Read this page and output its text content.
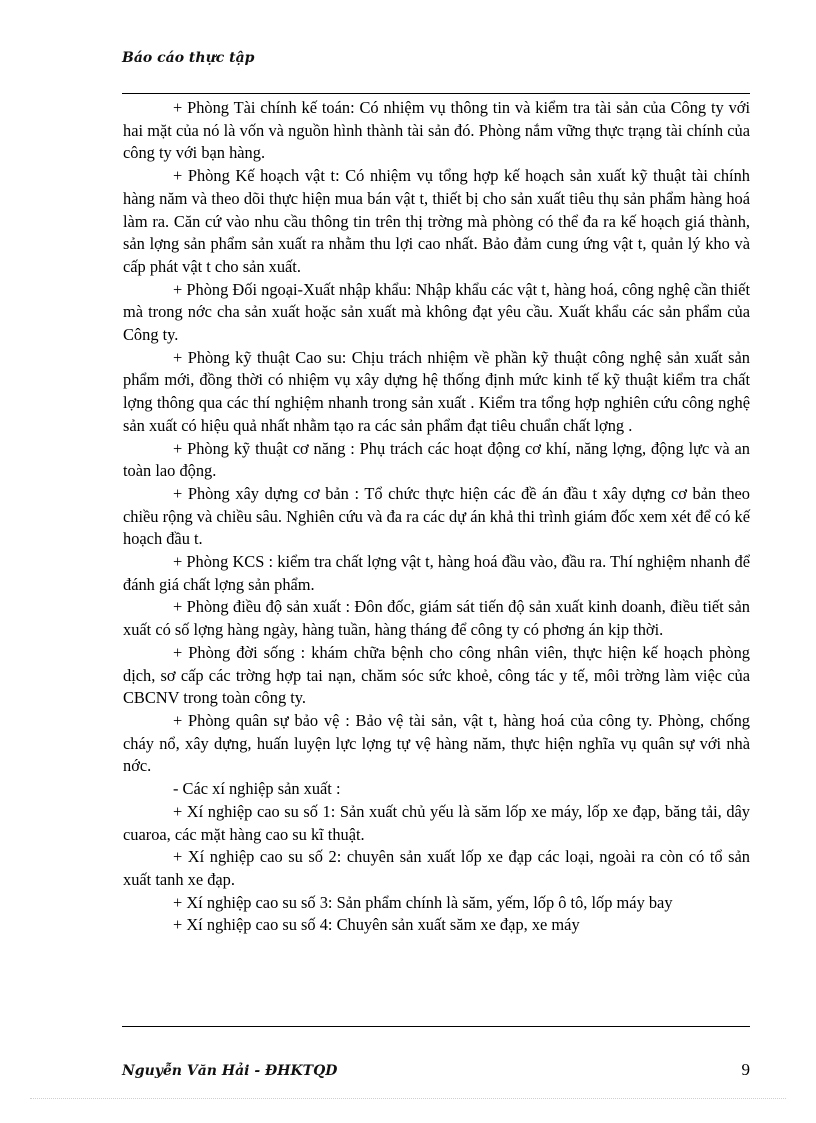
Báo cáo thực tập

+ Phòng Tài chính kế toán: Có nhiệm vụ thông tin và kiểm tra tài sản của Công ty với hai mặt của nó là vốn và nguồn hình thành tài sản đó. Phòng nắm vững thực trạng tài chính của công ty với bạn hàng.

+ Phòng Kế hoạch vật t: Có nhiệm vụ tổng hợp kế hoạch sản xuất kỹ thuật tài chính hàng năm và theo dõi thực hiện mua bán vật t, thiết bị cho sản xuất tiêu thụ sản phẩm hàng hoá làm ra. Căn cứ vào nhu cầu thông tin trên thị trờng mà phòng có thể đa ra kế hoạch giá thành, sản lợng sản phẩm sản xuất ra nhằm thu lợi cao nhất. Bảo đảm cung ứng vật t, quản lý kho và cấp phát vật t cho sản xuất.

+ Phòng Đối ngoại-Xuất nhập khẩu: Nhập khẩu các vật t, hàng hoá, công nghệ cần thiết mà trong nớc cha sản xuất hoặc sản xuất mà không đạt yêu cầu. Xuất khẩu các sản phẩm của Công ty.

+ Phòng kỹ thuật Cao su: Chịu trách nhiệm về phần kỹ thuật công nghệ sản xuất sản phẩm mới, đồng thời có nhiệm vụ xây dựng hệ thống định mức kinh tế kỹ thuật kiểm tra chất lợng thông qua các thí nghiệm nhanh trong sản xuất . Kiểm tra tổng hợp nghiên cứu công nghệ sản xuất có hiệu quả nhất nhằm tạo ra các sản phẩm đạt tiêu chuẩn chất lợng .

+ Phòng kỹ thuật cơ năng : Phụ trách các hoạt động cơ khí, năng lợng, động lực và an toàn lao động.

+ Phòng xây dựng cơ bản : Tổ chức thực hiện các đề án đầu t xây dựng cơ bản theo chiều rộng và chiều sâu. Nghiên cứu và đa ra các dự án khả thi trình giám đốc xem xét để có kế hoạch đầu t.

+ Phòng KCS : kiểm tra chất lợng vật t, hàng hoá đầu vào, đầu ra. Thí nghiệm nhanh để đánh giá chất lợng sản phẩm.

+ Phòng điều độ sản xuất : Đôn đốc, giám sát tiến độ sản xuất kinh doanh, điều tiết sản xuất có số lợng hàng ngày, hàng tuần, hàng tháng để công ty có phơng án kịp thời.

+ Phòng đời sống : khám chữa bệnh cho công nhân viên, thực hiện kế hoạch phòng dịch, sơ cấp các trờng hợp tai nạn, chăm sóc sức khoẻ, công tác y tế, môi trờng làm việc của CBCNV trong toàn công ty.

+ Phòng quân sự bảo vệ : Bảo vệ tài sản, vật t, hàng hoá của công ty. Phòng, chống cháy nổ, xây dựng, huấn luyện lực lợng tự vệ hàng năm, thực hiện nghĩa vụ quân sự với nhà nớc.

- Các xí nghiệp sản xuất :

+ Xí nghiệp cao su số 1: Sản xuất chủ yếu là săm lốp xe máy, lốp xe đạp, băng tải, dây cuaroa, các mặt hàng cao su kĩ thuật.

+ Xí nghiệp cao su số 2: chuyên sản xuất lốp xe đạp các loại, ngoài ra còn có tổ sản xuất tanh xe đạp.

+ Xí nghiệp cao su số 3: Sản phẩm chính là săm, yếm, lốp ô tô, lốp máy bay

+ Xí nghiệp cao su số 4: Chuyên sản xuất săm xe đạp, xe máy

Nguyễn Văn Hải - ĐHKTQD	9
